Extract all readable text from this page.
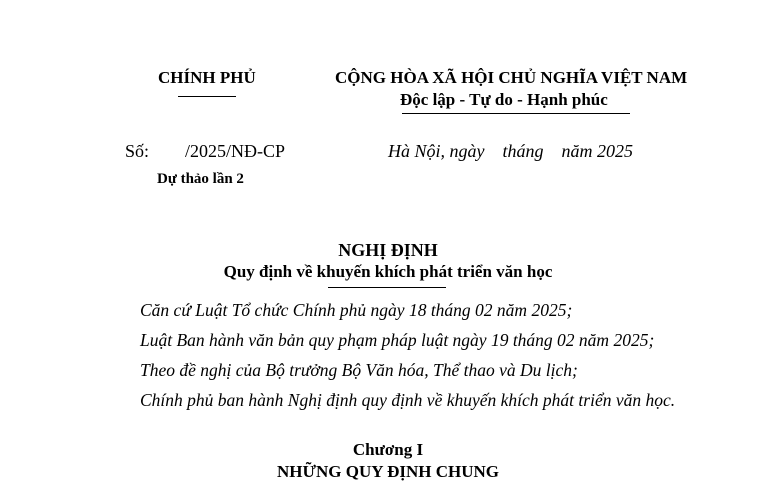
CHÍNH PHỦ	CỘNG HÒA XÃ HỘI CHỦ NGHĨA VIỆT NAM
Độc lập - Tự do - Hạnh phúc
Số: /2025/NĐ-CP	Hà Nội, ngày    tháng    năm 2025
Dự thảo lần 2
NGHỊ ĐỊNH
Quy định về khuyến khích phát triển văn học
Căn cứ Luật Tổ chức Chính phủ ngày 18 tháng 02 năm 2025;
Luật Ban hành văn bản quy phạm pháp luật ngày 19 tháng 02 năm 2025;
Theo đề nghị của Bộ trưởng Bộ Văn hóa, Thể thao và Du lịch;
Chính phủ ban hành Nghị định quy định về khuyến khích phát triển văn học.
Chương I
NHỮNG QUY ĐỊNH CHUNG
